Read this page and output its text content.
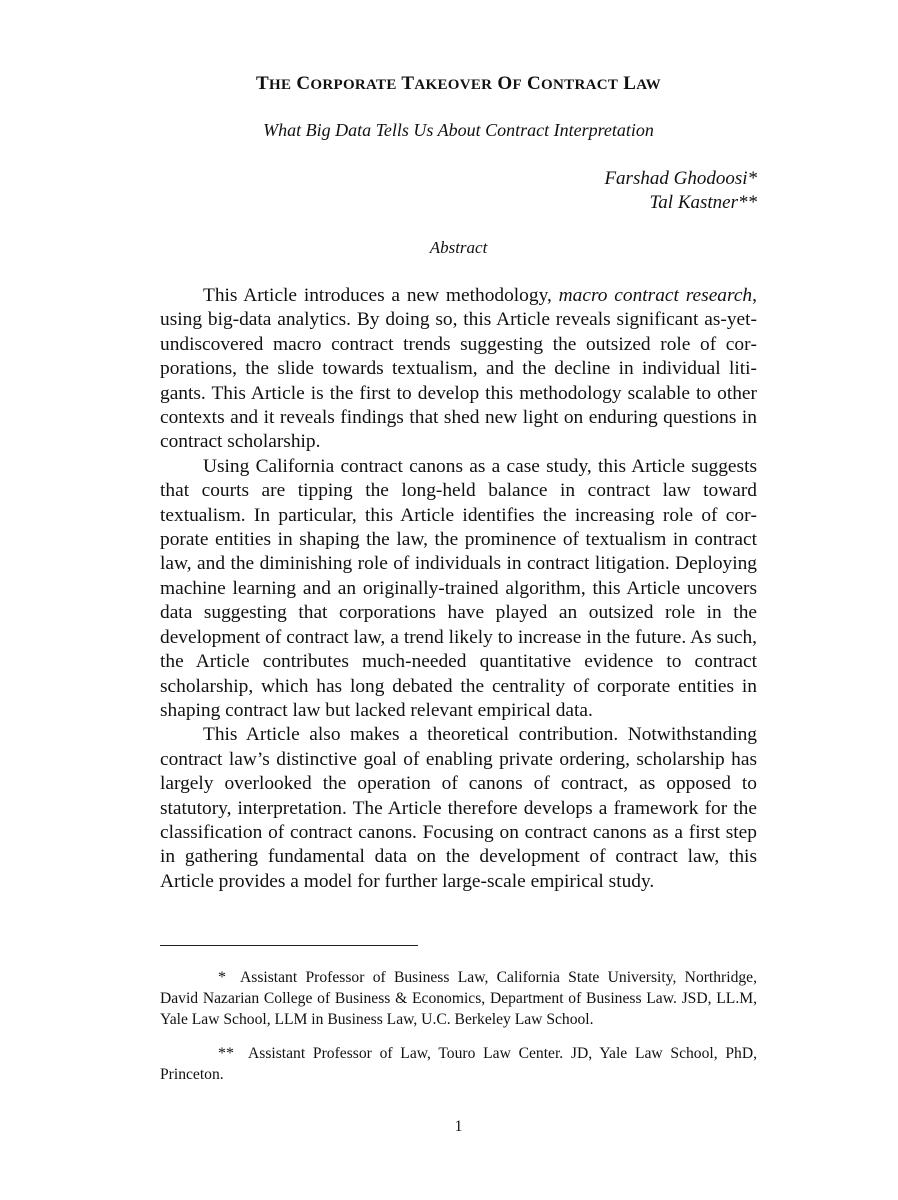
THE CORPORATE TAKEOVER OF CONTRACT LAW

What Big Data Tells Us About Contract Interpretation

Farshad Ghodoosi*
Tal Kastner**

Abstract

This Article introduces a new methodology, macro contract research, using big-data analytics. By doing so, this Article reveals significant as-yet-undiscovered macro contract trends suggesting the outsized role of corporations, the slide towards textualism, and the decline in individual litigants. This Article is the first to develop this methodology scalable to other contexts and it reveals findings that shed new light on enduring questions in contract scholarship.

Using California contract canons as a case study, this Article suggests that courts are tipping the long-held balance in contract law toward textualism. In particular, this Article identifies the increasing role of corporate entities in shaping the law, the prominence of textualism in contract law, and the diminishing role of individuals in contract litigation. Deploying machine learning and an originally-trained algorithm, this Article uncovers data suggesting that corporations have played an outsized role in the development of contract law, a trend likely to increase in the future. As such, the Article contributes much-needed quantitative evidence to contract scholarship, which has long debated the centrality of corporate entities in shaping contract law but lacked relevant empirical data.

This Article also makes a theoretical contribution. Notwithstanding contract law’s distinctive goal of enabling private ordering, scholarship has largely overlooked the operation of canons of contract, as opposed to statutory, interpretation. The Article therefore develops a framework for the classification of contract canons. Focusing on contract canons as a first step in gathering fundamental data on the development of contract law, this Article provides a model for further large-scale empirical study.

* Assistant Professor of Business Law, California State University, Northridge, David Nazarian College of Business & Economics, Department of Business Law. JSD, LL.M, Yale Law School, LLM in Business Law, U.C. Berkeley Law School.

** Assistant Professor of Law, Touro Law Center. JD, Yale Law School, PhD, Princeton.

1
